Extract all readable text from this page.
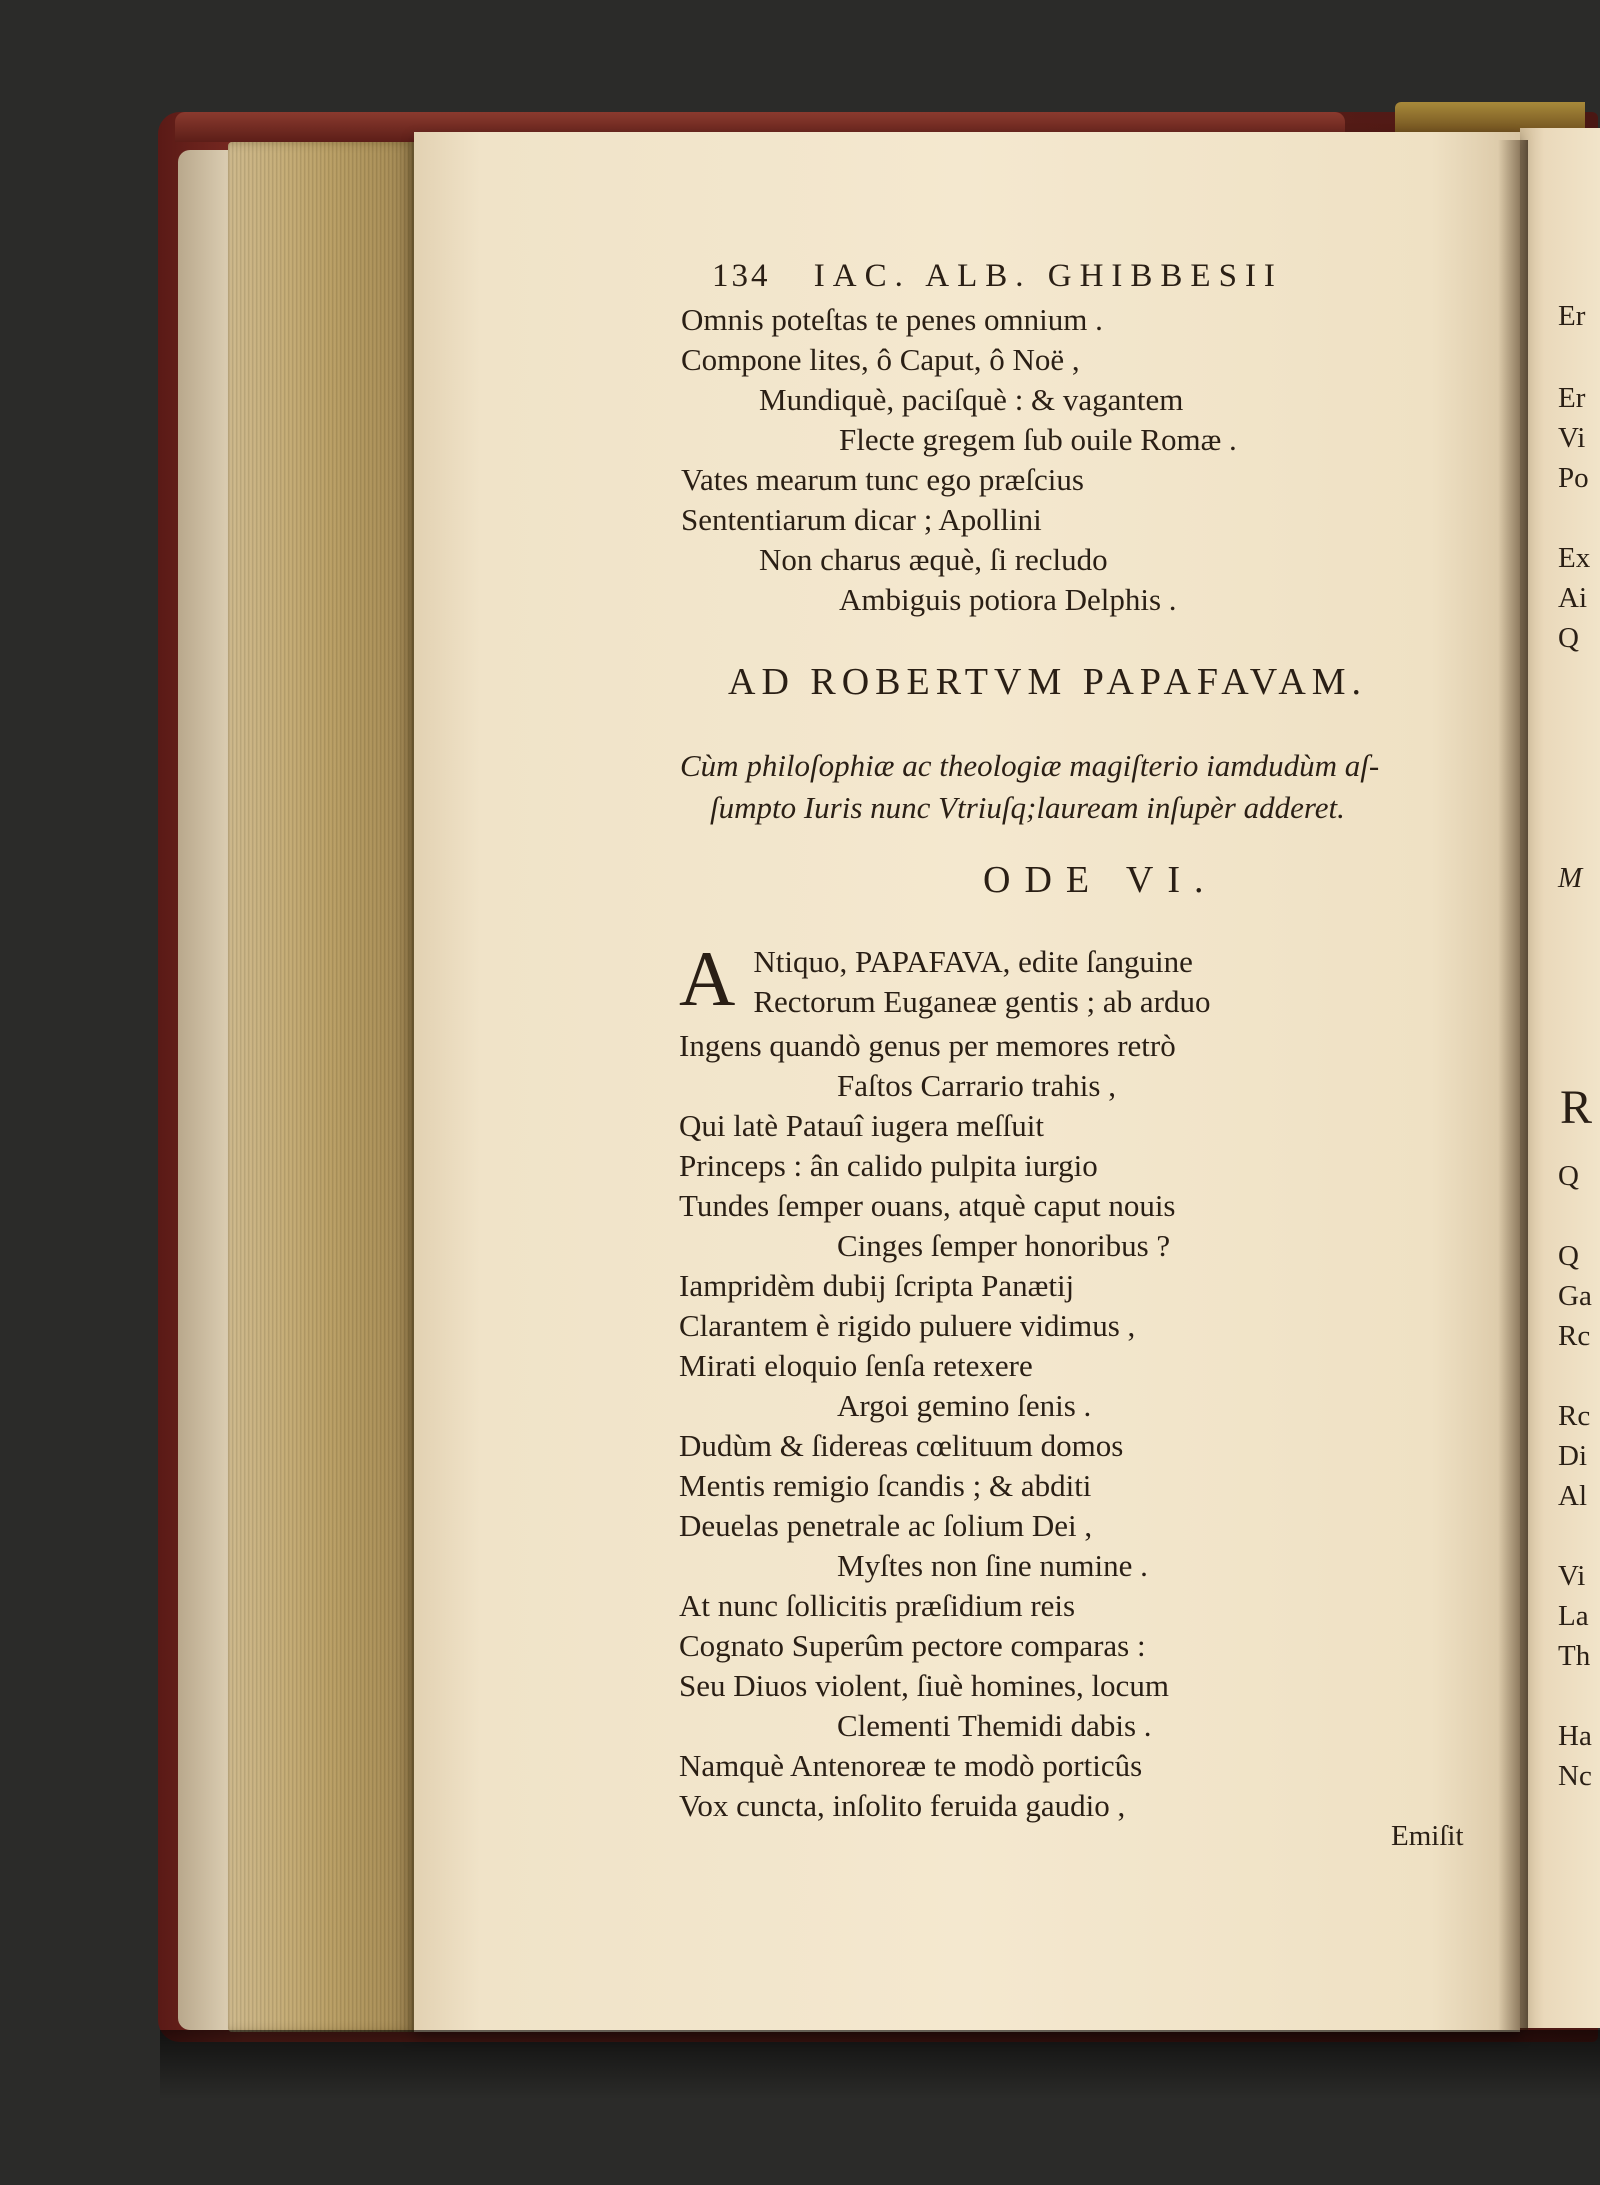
134 IAC. ALB. GHIBBESII
Omnis poteſtas te penes omnium .
Compone lites, ô Caput, ô Noë ,
Mundiquè, paciſquè : & vagantem
Flecte gregem ſub ouile Romæ .
Vates mearum tunc ego præſcius
Sententiarum dicar ; Apollini
Non charus æquè, ſi recludo
Ambiguis potiora Delphis .
AD ROBERTVM PAPAFAVAM.
Cùm philoſophiæ ac theologiæ magiſterio iamdudùm aſ-
ſumpto Iuris nunc Vtriuſq;lauream inſupèr adderet.
ODE VI.
A Ntiquo, PAPAFAVA, edite ſanguine
Rectorum Euganeæ gentis ; ab arduo
Ingens quandò genus per memores retrò
Faſtos Carrario trahis ,
Qui latè Patauî iugera meſſuit
Princeps : ân calido pulpita iurgio
Tundes ſemper ouans, atquè caput nouis
Cinges ſemper honoribus ?
Iampridèm dubij ſcripta Panætij
Clarantem è rigido puluere vidimus ,
Mirati eloquio ſenſa retexere
Argoi gemino ſenis .
Dudùm & ſidereas cœlituum domos
Mentis remigio ſcandis ; & abditi
Deuelas penetrale ac ſolium Dei ,
Myſtes non ſine numine .
At nunc ſollicitis præſidium reis
Cognato Superûm pectore comparas :
Seu Diuos violent, ſiuè homines, locum
Clementi Themidi dabis .
Namquè Antenoreæ te modò porticûs
Vox cuncta, inſolito feruida gaudio ,
Emiſit
Er
Er
Vi
Po
Ex
Ai
Q
M
R
Q
Q
Ga
Rc
Rc
Di
Al
Vi
La
Th
Ha
Nc
